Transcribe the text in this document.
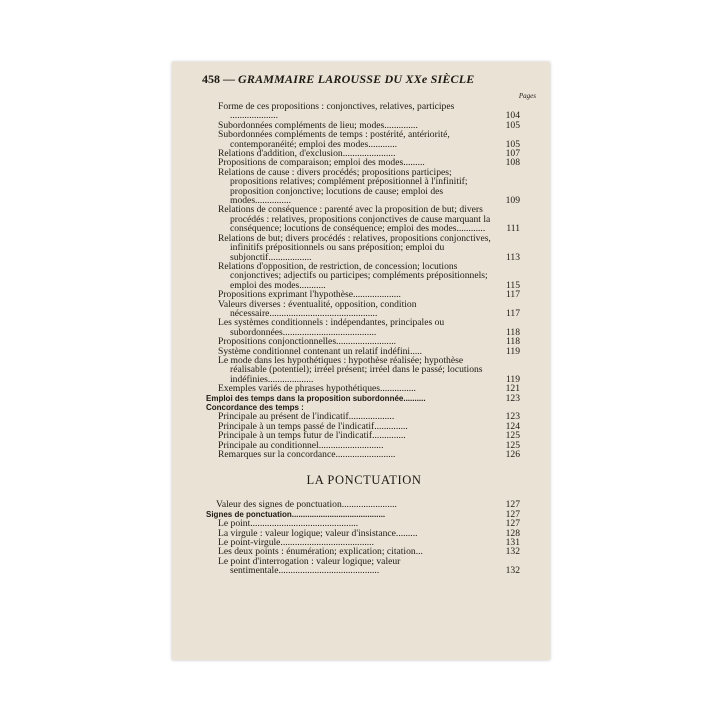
458 — GRAMMAIRE LAROUSSE DU XXe SIÈCLE
Pages
Forme de ces propositions : conjonctives, relatives, participes ....................	104
Subordonnées compléments de lieu; modes..............	105
Subordonnées compléments de temps : postérité, antériorité, contemporanéité; emploi des modes............	105
Relations d'addition, d'exclusion......................	107
Propositions de comparaison; emploi des modes.........	108
Relations de cause : divers procédés; propositions participes; propositions relatives; complément prépositionnel à l'infinitif; proposition conjonctive; locutions de cause; emploi des modes...............	109
Relations de conséquence : parenté avec la proposition de but; divers procédés : relatives, propositions conjonctives de cause marquant la conséquence; locutions de conséquence; emploi des modes............	111
Relations de but; divers procédés : relatives, propositions conjonctives, infinitifs prépositionnels ou sans préposition; emploi du subjonctif..................	113
Relations d'opposition, de restriction, de concession; locutions conjonctives; adjectifs ou participes; compléments prépositionnels; emploi des modes...........	115
Propositions exprimant l'hypothèse....................	117
Valeurs diverses : éventualité, opposition, condition nécessaire.............................................	117
Les systèmes conditionnels : indépendantes, principales ou subordonnées.......................................	118
Propositions conjonctionnelles.........................	118
Système conditionnel contenant un relatif indéfini.....	119
Le mode dans les hypothétiques : hypothèse réalisée; hypothèse réalisable (potentiel); irréel présent; irréel dans le passé; locutions indéfinies...................	119
Exemples variés de phrases hypothétiques...............	121
Emploi des temps dans la proposition subordonnée..........	123
Concordance des temps :
Principale au présent de l'indicatif...................	123
Principale à un temps passé de l'indicatif..............	124
Principale à un temps futur de l'indicatif..............	125
Principale au conditionnel...........................	125
Remarques sur la concordance.........................	126
LA PONCTUATION
Valeur des signes de ponctuation.......................	127
Signes de ponctuation..........................................	127
Le point.............................................	127
La virgule : valeur logique; valeur d'insistance.........	128
Le point-virgule.......................................	131
Les deux points : énumération; explication; citation...	132
Le point d'interrogation : valeur logique; valeur sentimentale..........................................	132
